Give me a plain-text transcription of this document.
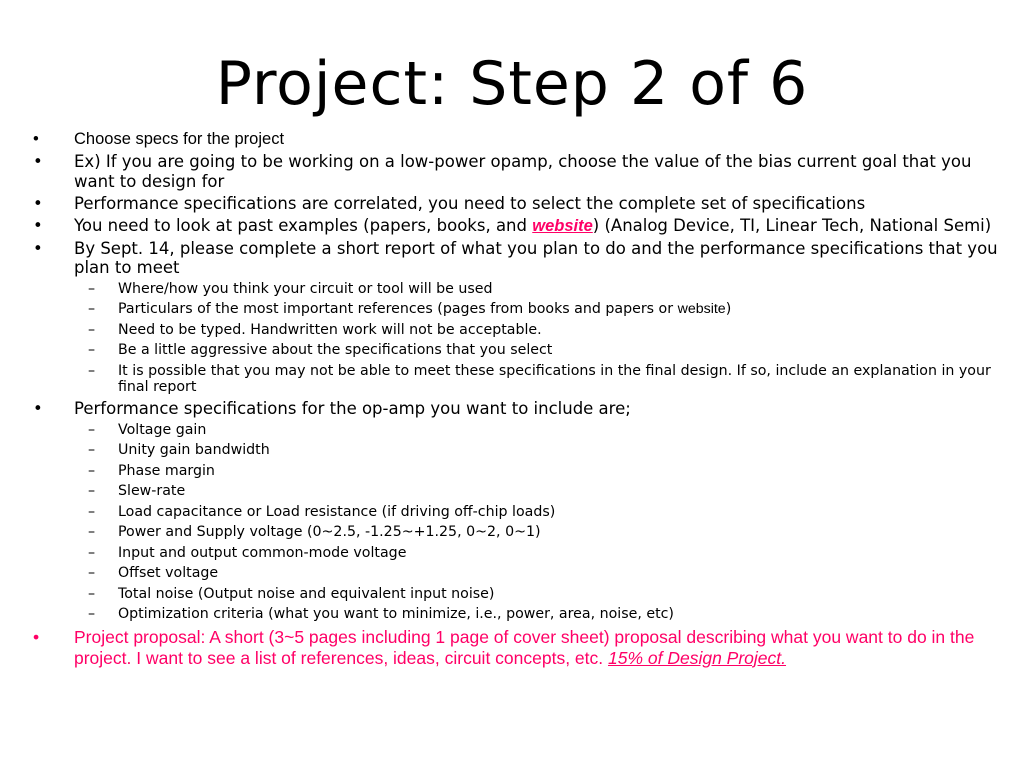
Project: Step 2 of 6
• Choose specs for the project
• Ex) If you are going to be working on a low-power opamp, choose the value of the bias current goal that you want to design for
• Performance specifications are correlated, you need to select the complete set of specifications
• You need to look at past examples (papers, books, and website) (Analog Device, TI, Linear Tech, National Semi)
• By Sept. 14, please complete a short report of what you plan to do and the performance specifications that you plan to meet
– Where/how you think your circuit or tool will be used
– Particulars of the most important references (pages from books and papers or website)
– Need to be typed. Handwritten work will not be acceptable.
– Be a little aggressive about the specifications that you select
– It is possible that you may not be able to meet these specifications in the final design. If so, include an explanation in your final report
• Performance specifications for the op-amp you want to include are;
– Voltage gain
– Unity gain bandwidth
– Phase margin
– Slew-rate
– Load capacitance or Load resistance (if driving off-chip loads)
– Power and Supply voltage (0~2.5, -1.25~+1.25, 0~2, 0~1)
– Input and output common-mode voltage
– Offset voltage
– Total noise (Output noise and equivalent input noise)
– Optimization criteria (what you want to minimize, i.e., power, area, noise, etc)
• Project proposal: A short (3~5 pages including 1 page of cover sheet) proposal describing what you want to do in the project. I want to see a list of references, ideas, circuit concepts, etc. 15% of Design Project.
